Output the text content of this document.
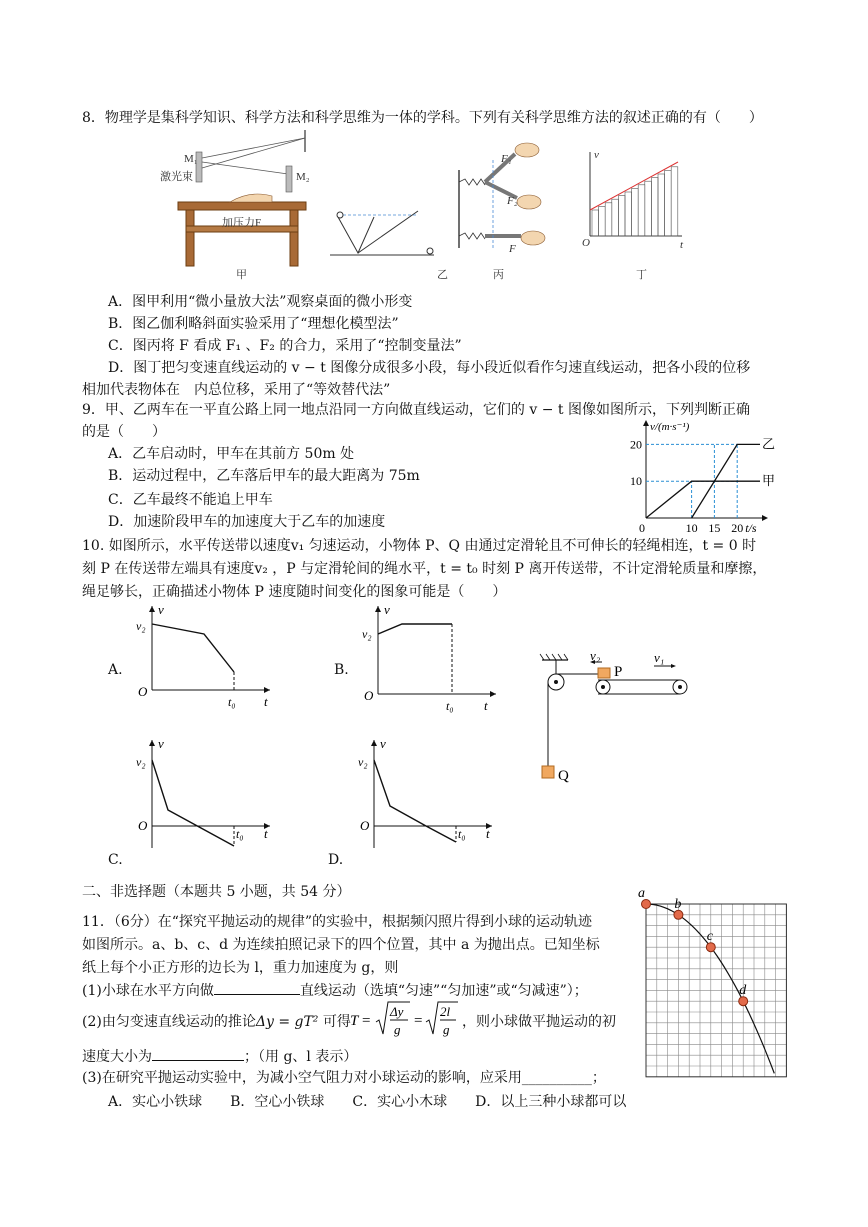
8．物理学是集科学知识、科学方法和科学思维为一体的学科。下列有关科学思维方法的叙述正确的有（　　）
M₁
激光束	M₂
加压力F
甲	乙
F₁
F₂
F
丙
v
t
O
丁
A．图甲利用“微小量放大法”观察桌面的微小形变
B．图乙伽利略斜面实验采用了“理想化模型法”
C．图丙将 F 看成 F₁ 、F₂ 的合力，采用了“控制变量法”
D．图丁把匀变速直线运动的 v − t 图像分成很多小段，每小段近似看作匀速直线运动，把各小段的位移
相加代表物体在　内总位移，采用了“等效替代法”
9．甲、乙两车在一平直公路上同一地点沿同一方向做直线运动，它们的 v − t 图像如图所示，下列判断正确
的是（　　）
A．乙车启动时，甲车在其前方 50m 处
B．运动过程中，乙车落后甲车的最大距离为 75m
C．乙车最终不能追上甲车
D．加速阶段甲车的加速度大于乙车的加速度
v/(m·s⁻¹)
t/s
10
20
0	10 15 20
甲
乙
10. 如图所示，水平传送带以速度v₁ 匀速运动，小物体 P、Q 由通过定滑轮且不可伸长的轻绳相连，t = 0 时
刻 P 在传送带左端具有速度v₂ ，P 与定滑轮间的绳水平，t = t₀ 时刻 P 离开传送带，不计定滑轮质量和摩擦，
绳足够长，正确描述小物体 P 速度随时间变化的图象可能是（　　）
A.	B.
C.	D.
v
v₂
O
t₀ t
v
v₂
O
t₀ t
v₂
P
v₁
Q
v
v₂
O
t₀ t
v
v₂
O
t₀ t
二、非选择题（本题共 5 小题，共 54 分）
11．（6分）在“探究平抛运动的规律”的实验中，根据频闪照片得到小球的运动轨迹
如图所示。a、b、c、d 为连续拍照记录下的四个位置，其中 a 为抛出点。已知坐标
纸上每个小正方形的边长为 l，重力加速度为 g，则
(1)小球在水平方向做	直线运动（选填“匀速”“匀加速”或“匀减速”）；
(2)由匀变速直线运动的推论Δy = gT² 可得 T =
Δy
g
=
2l
g ，则小球做平抛运动的初
速度大小为	；（用 g、l 表示）
(3)在研究平抛运动实验中，为减小空气阻力对小球运动的影响，应采用__________；
A．实心小铁球　　B．空心小铁球　　C．实心小木球　　D．以上三种小球都可以
a
b
c
d
